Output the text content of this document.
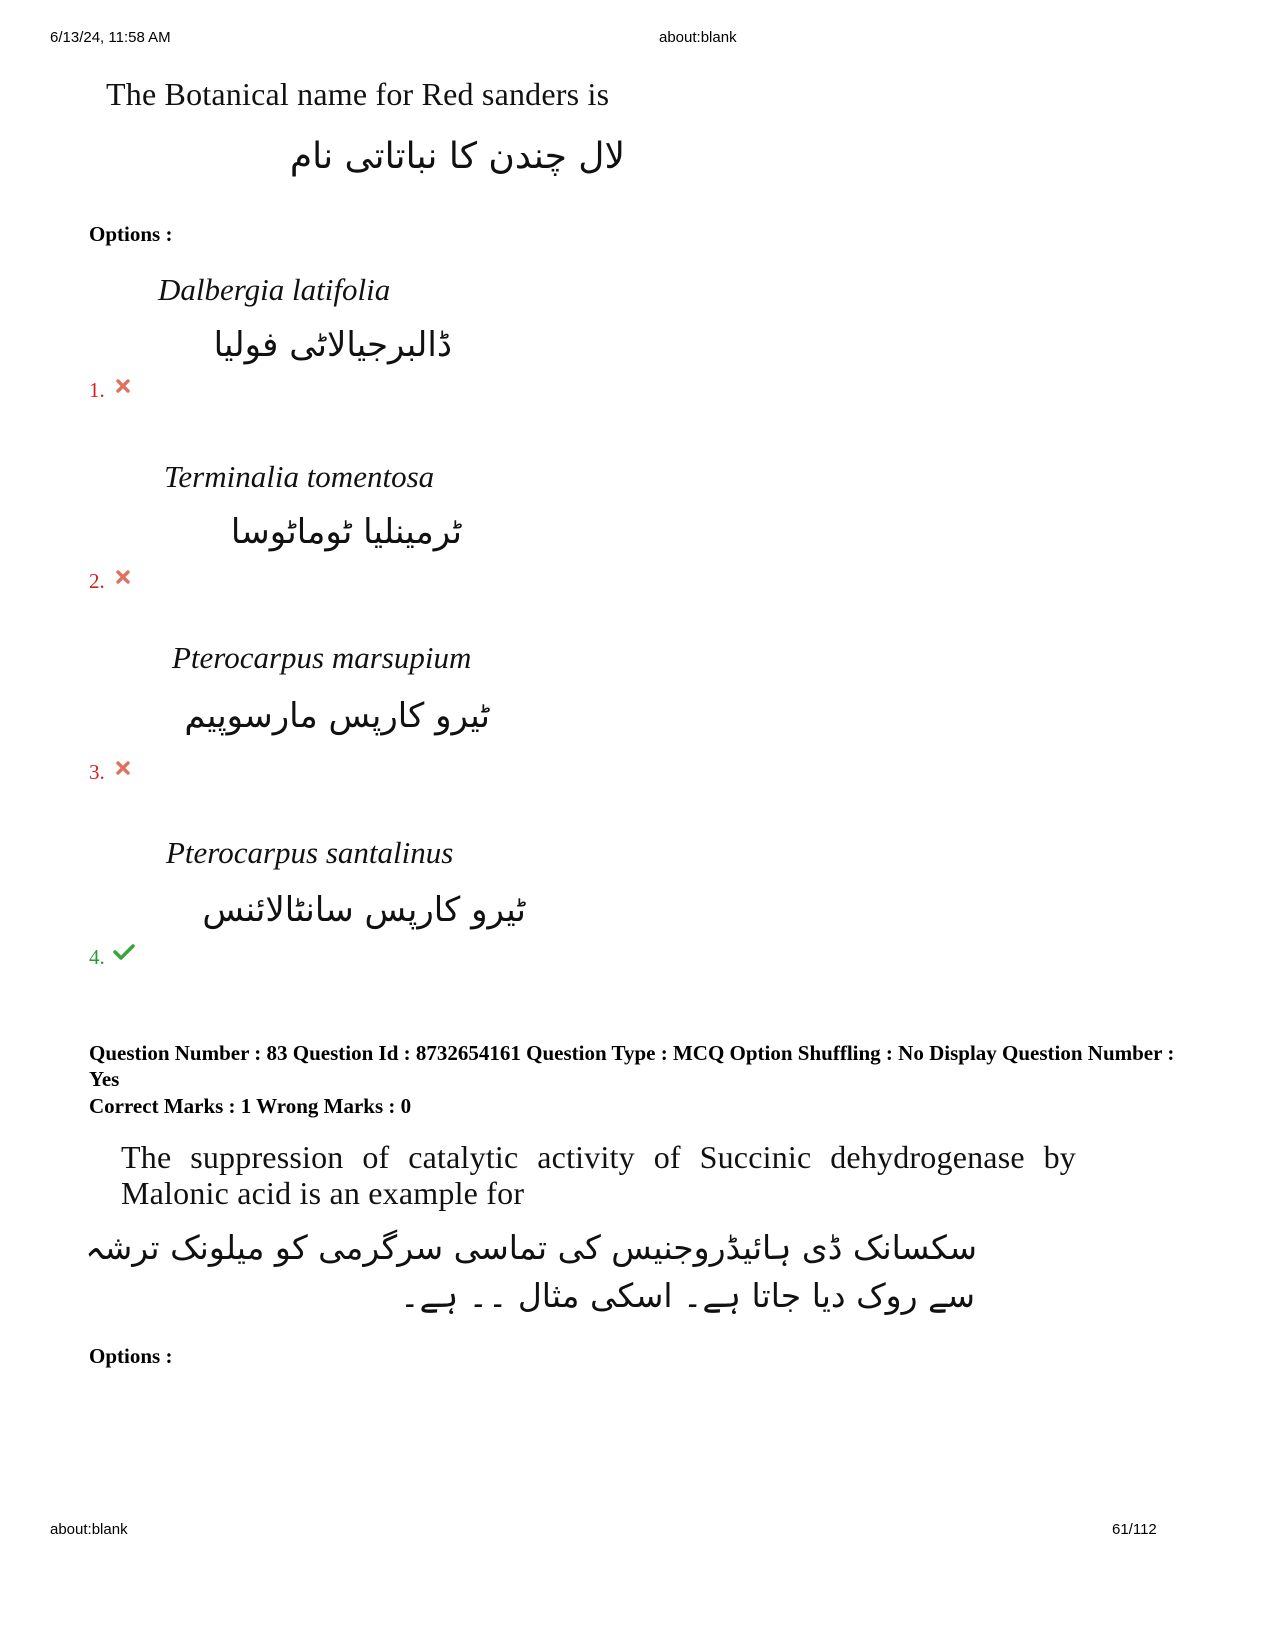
6/13/24, 11:58 AM	about:blank
The Botanical name for Red sanders is
لال چندن کا نباتاتی نام
Options :
Dalbergia latifolia
ڈالبرجیالاٹی فولیا
1.
Terminalia tomentosa
ٹرمینلیا ٹوماٹوسا
2.
Pterocarpus marsupium
ٹیرو کارپس مارسوپیم
3.
Pterocarpus santalinus
ٹیرو کارپس سانٹالائنس
4.
Question Number : 83 Question Id : 8732654161 Question Type : MCQ Option Shuffling : No Display Question Number : Yes
Correct Marks : 1 Wrong Marks : 0
The suppression of catalytic activity of Succinic dehydrogenase by Malonic acid is an example for
سکسانک ڈی ہائیڈروجنیس کی تماسی سرگرمی کو میلونک ترشہ
سے روک دیا جاتا ہے۔ اسکی مثال ۔۔ ہے۔
Options :
about:blank	61/112
